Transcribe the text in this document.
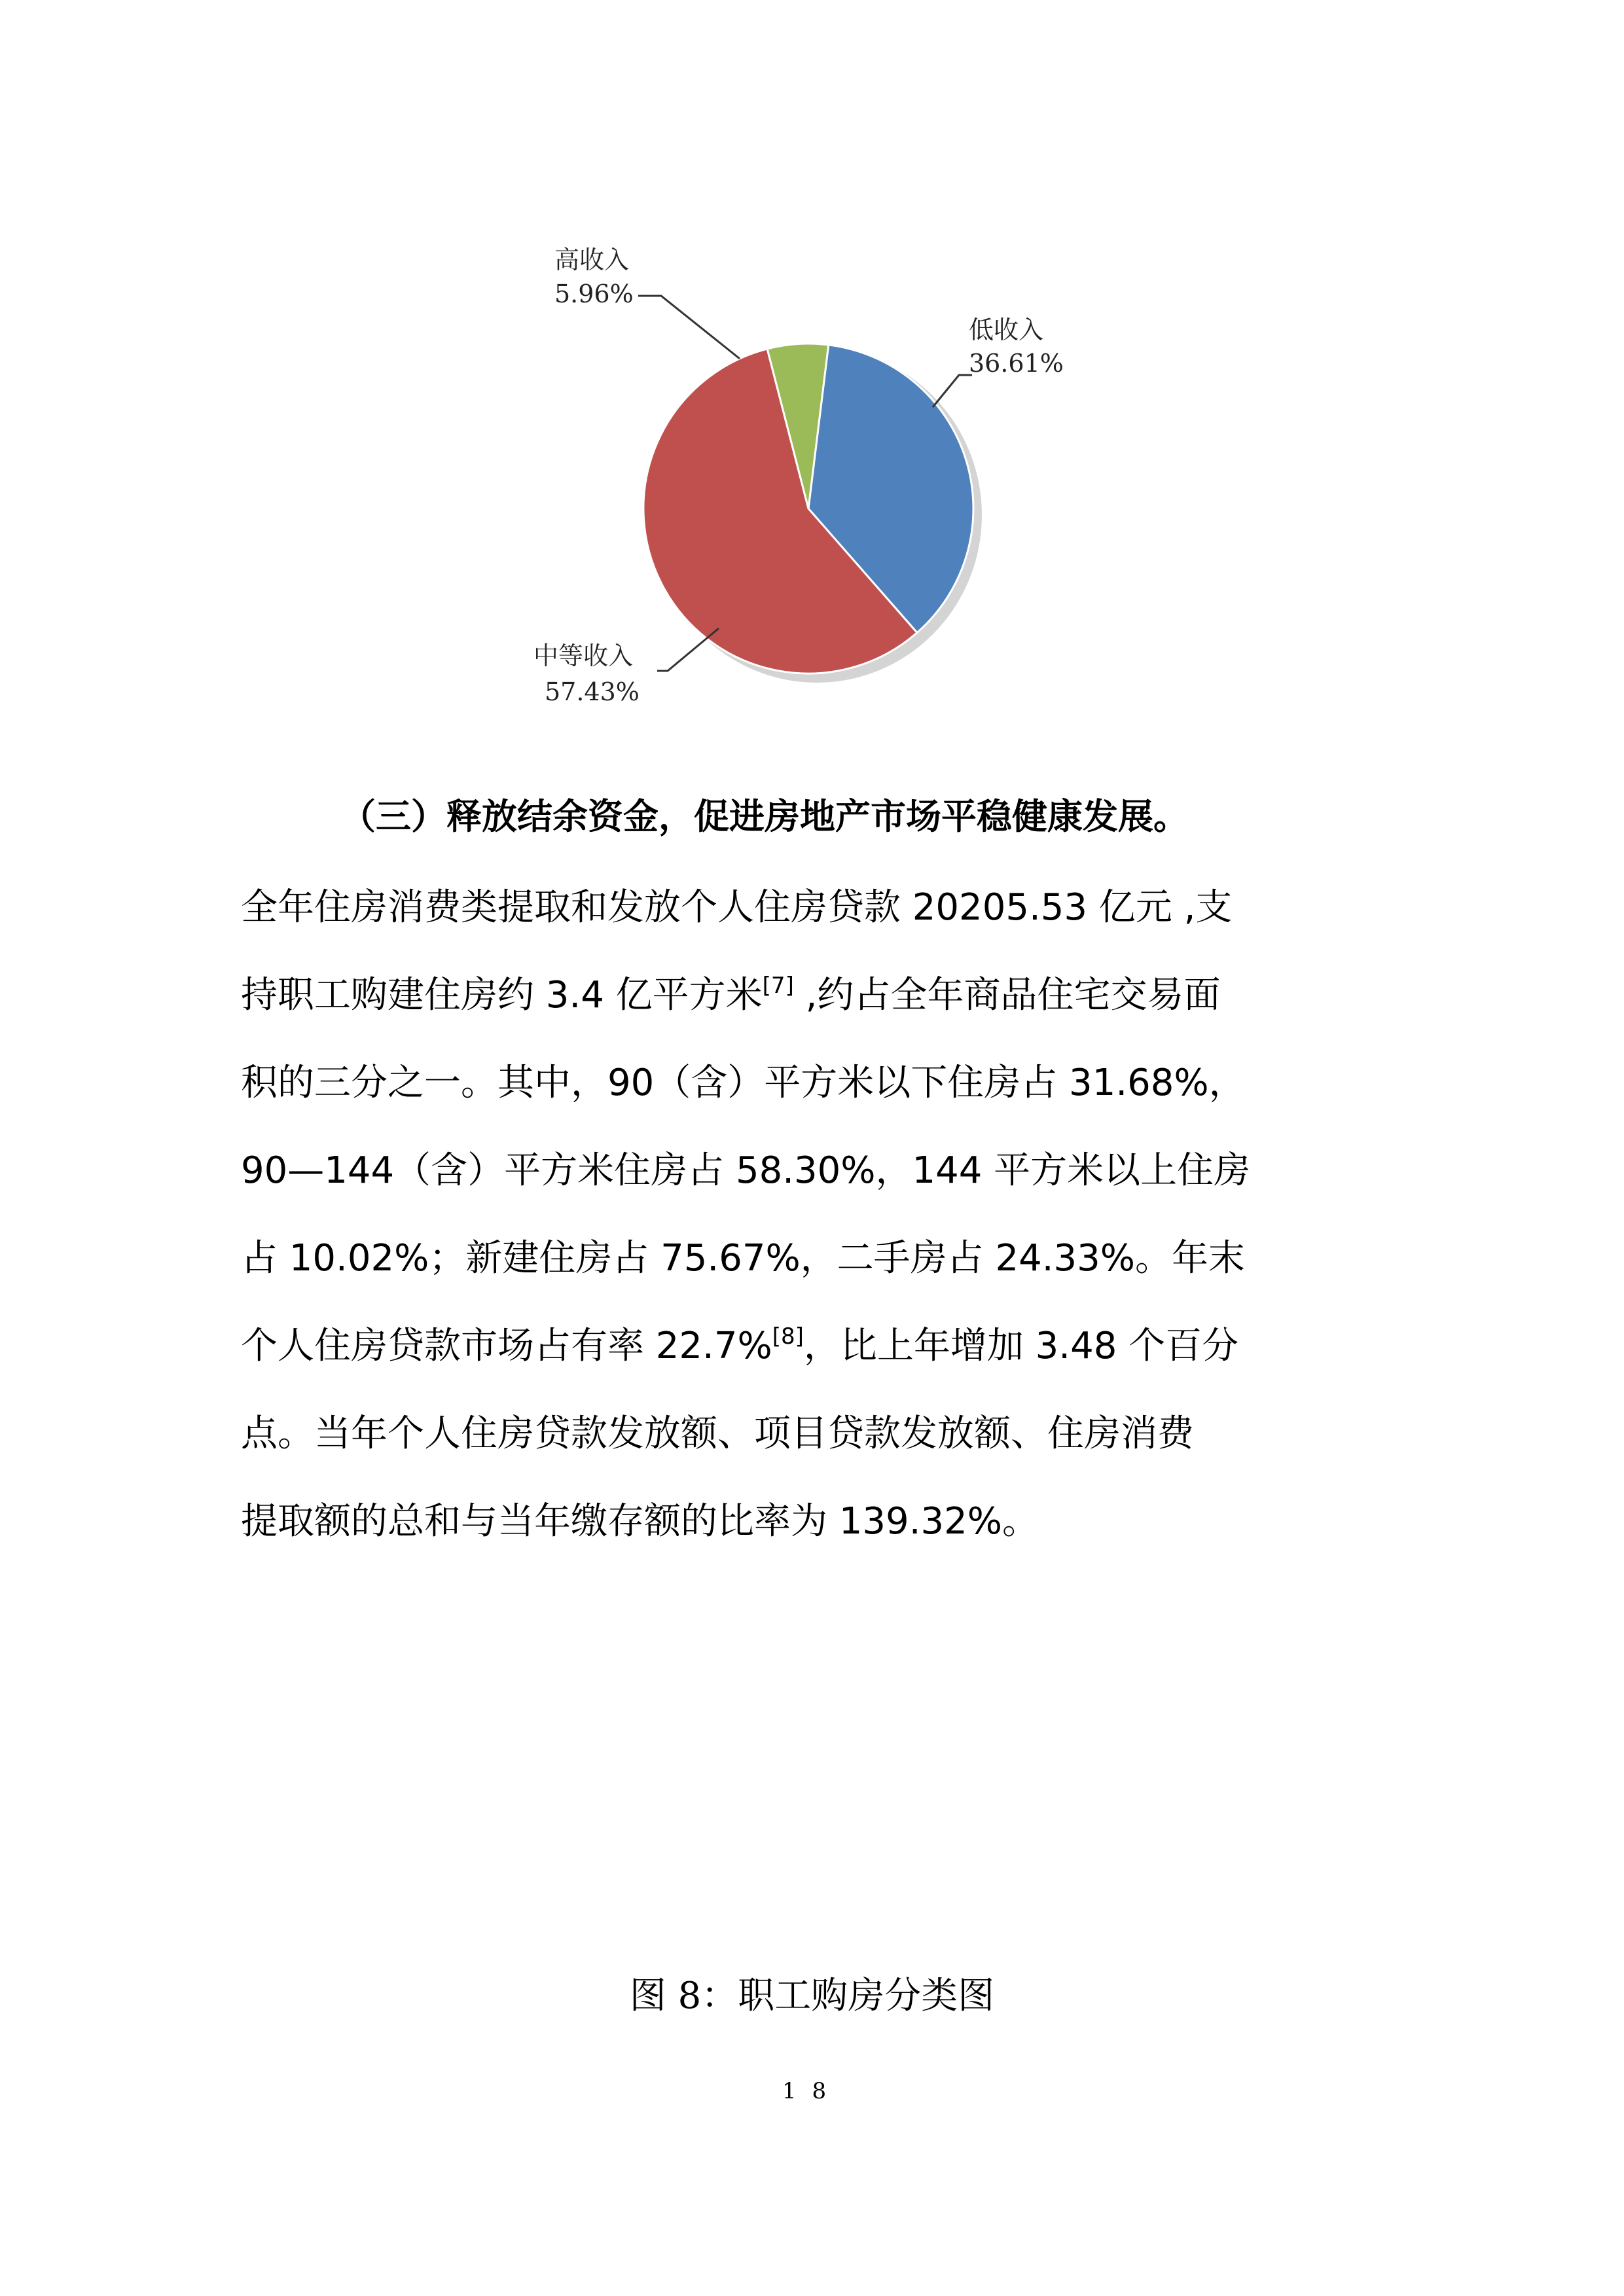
高收入
5.96%
低收入
36.61%
中等收入
57.43%

（三）释放结余资金，促进房地产市场平稳健康发展。

全年住房消费类提取和发放个人住房贷款 20205.53 亿元 ,支
持职工购建住房约 3.4 亿平方米[7] ,约占全年商品住宅交易面
积的三分之一。其中，90（含）平方米以下住房占 31.68%，
90—144（含）平方米住房占 58.30%，144 平方米以上住房
占 10.02%；新建住房占 75.67%，二手房占 24.33%。年末
个人住房贷款市场占有率 22.7%[8]，比上年增加 3.48 个百分
点。当年个人住房贷款发放额、项目贷款发放额、住房消费
提取额的总和与当年缴存额的比率为 139.32%。

图 8：职工购房分类图

18
